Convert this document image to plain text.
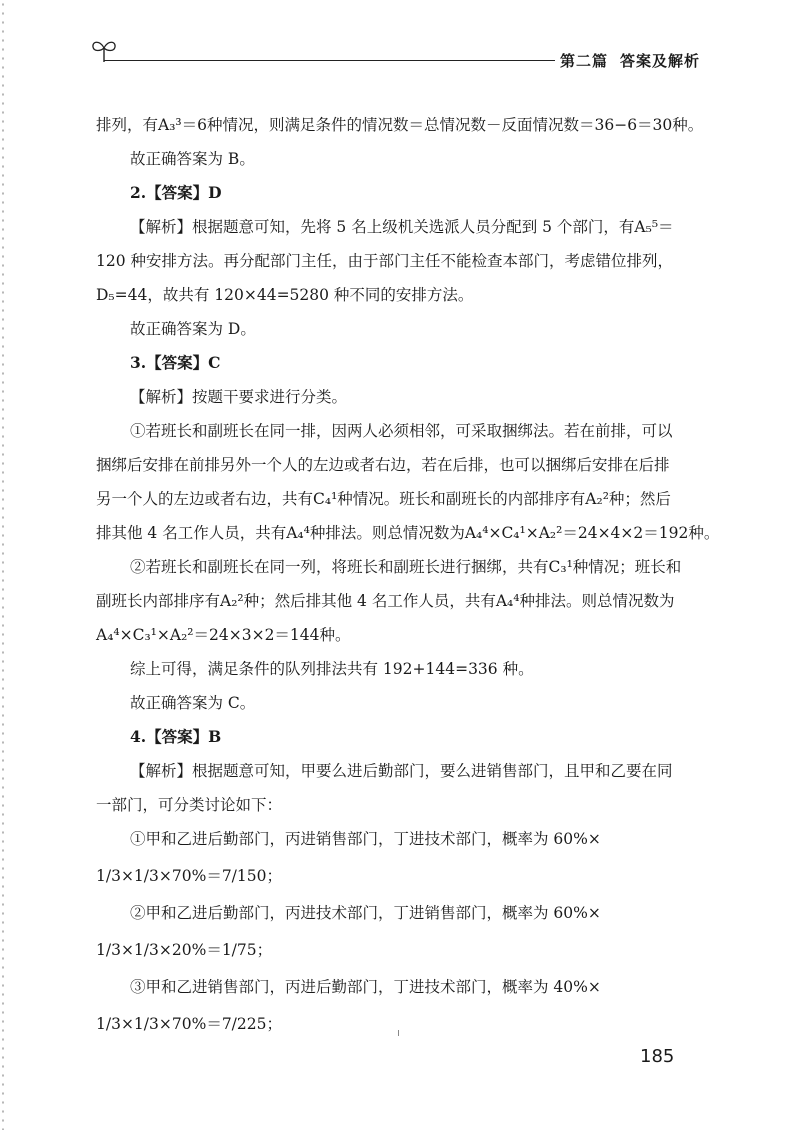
第二篇 答案及解析

排列，有A₃³＝6种情况，则满足条件的情况数＝总情况数－反面情况数＝36−6＝30种。

故正确答案为 B。

2.【答案】D

【解析】根据题意可知，先将 5 名上级机关选派人员分配到 5 个部门，有A₅⁵＝

120 种安排方法。再分配部门主任，由于部门主任不能检查本部门，考虑错位排列，

D₅=44，故共有 120×44=5280 种不同的安排方法。

故正确答案为 D。

3.【答案】C

【解析】按题干要求进行分类。

①若班长和副班长在同一排，因两人必须相邻，可采取捆绑法。若在前排，可以

捆绑后安排在前排另外一个人的左边或者右边，若在后排，也可以捆绑后安排在后排

另一个人的左边或者右边，共有C₄¹种情况。班长和副班长的内部排序有A₂²种；然后

排其他 4 名工作人员，共有A₄⁴种排法。则总情况数为A₄⁴×C₄¹×A₂²＝24×4×2＝192种。

②若班长和副班长在同一列，将班长和副班长进行捆绑，共有C₃¹种情况；班长和

副班长内部排序有A₂²种；然后排其他 4 名工作人员，共有A₄⁴种排法。则总情况数为

A₄⁴×C₃¹×A₂²＝24×3×2＝144种。

综上可得，满足条件的队列排法共有 192+144=336 种。

故正确答案为 C。

4.【答案】B

【解析】根据题意可知，甲要么进后勤部门，要么进销售部门，且甲和乙要在同

一部门，可分类讨论如下：

①甲和乙进后勤部门，丙进销售部门，丁进技术部门，概率为 60%×

1/3×1/3×70%＝7/150；

②甲和乙进后勤部门，丙进技术部门，丁进销售部门，概率为 60%×

1/3×1/3×20%＝1/75；

③甲和乙进销售部门，丙进后勤部门，丁进技术部门，概率为 40%×

1/3×1/3×70%＝7/225；

185
